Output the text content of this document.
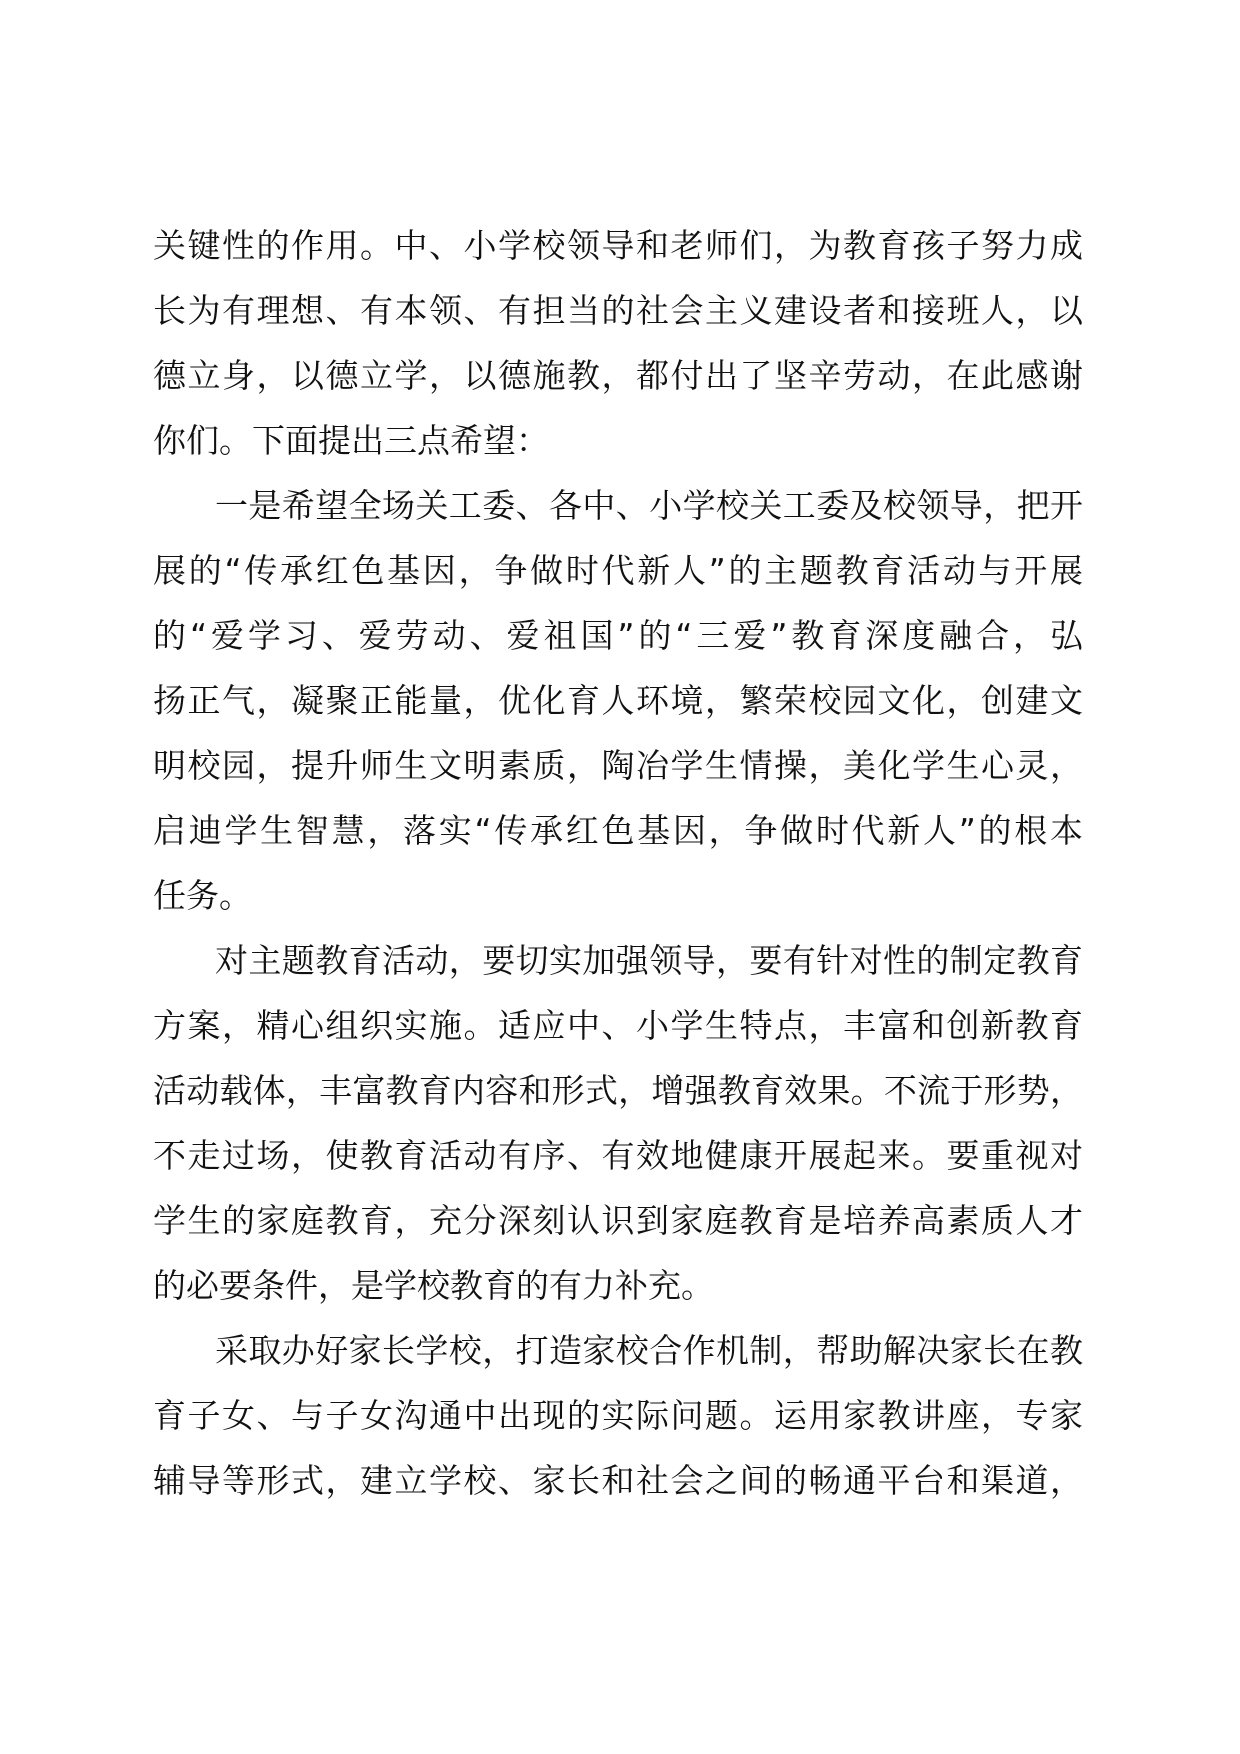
关键性的作用。中、小学校领导和老师们，为教育孩子努力成
长为有理想、有本领、有担当的社会主义建设者和接班人，以
德立身，以德立学，以德施教，都付出了坚辛劳动，在此感谢
你们。下面提出三点希望：
一是希望全场关工委、各中、小学校关工委及校领导，把开
展的“传承红色基因，争做时代新人”的主题教育活动与开展
的“爱学习、爱劳动、爱祖国”的“三爱”教育深度融合，弘
扬正气，凝聚正能量，优化育人环境，繁荣校园文化，创建文
明校园，提升师生文明素质，陶冶学生情操，美化学生心灵，
启迪学生智慧，落实“传承红色基因，争做时代新人”的根本
任务。
对主题教育活动，要切实加强领导，要有针对性的制定教育
方案，精心组织实施。适应中、小学生特点，丰富和创新教育
活动载体，丰富教育内容和形式，增强教育效果。不流于形势，
不走过场，使教育活动有序、有效地健康开展起来。要重视对
学生的家庭教育，充分深刻认识到家庭教育是培养高素质人才
的必要条件，是学校教育的有力补充。
采取办好家长学校，打造家校合作机制，帮助解决家长在教
育子女、与子女沟通中出现的实际问题。运用家教讲座，专家
辅导等形式，建立学校、家长和社会之间的畅通平台和渠道，
